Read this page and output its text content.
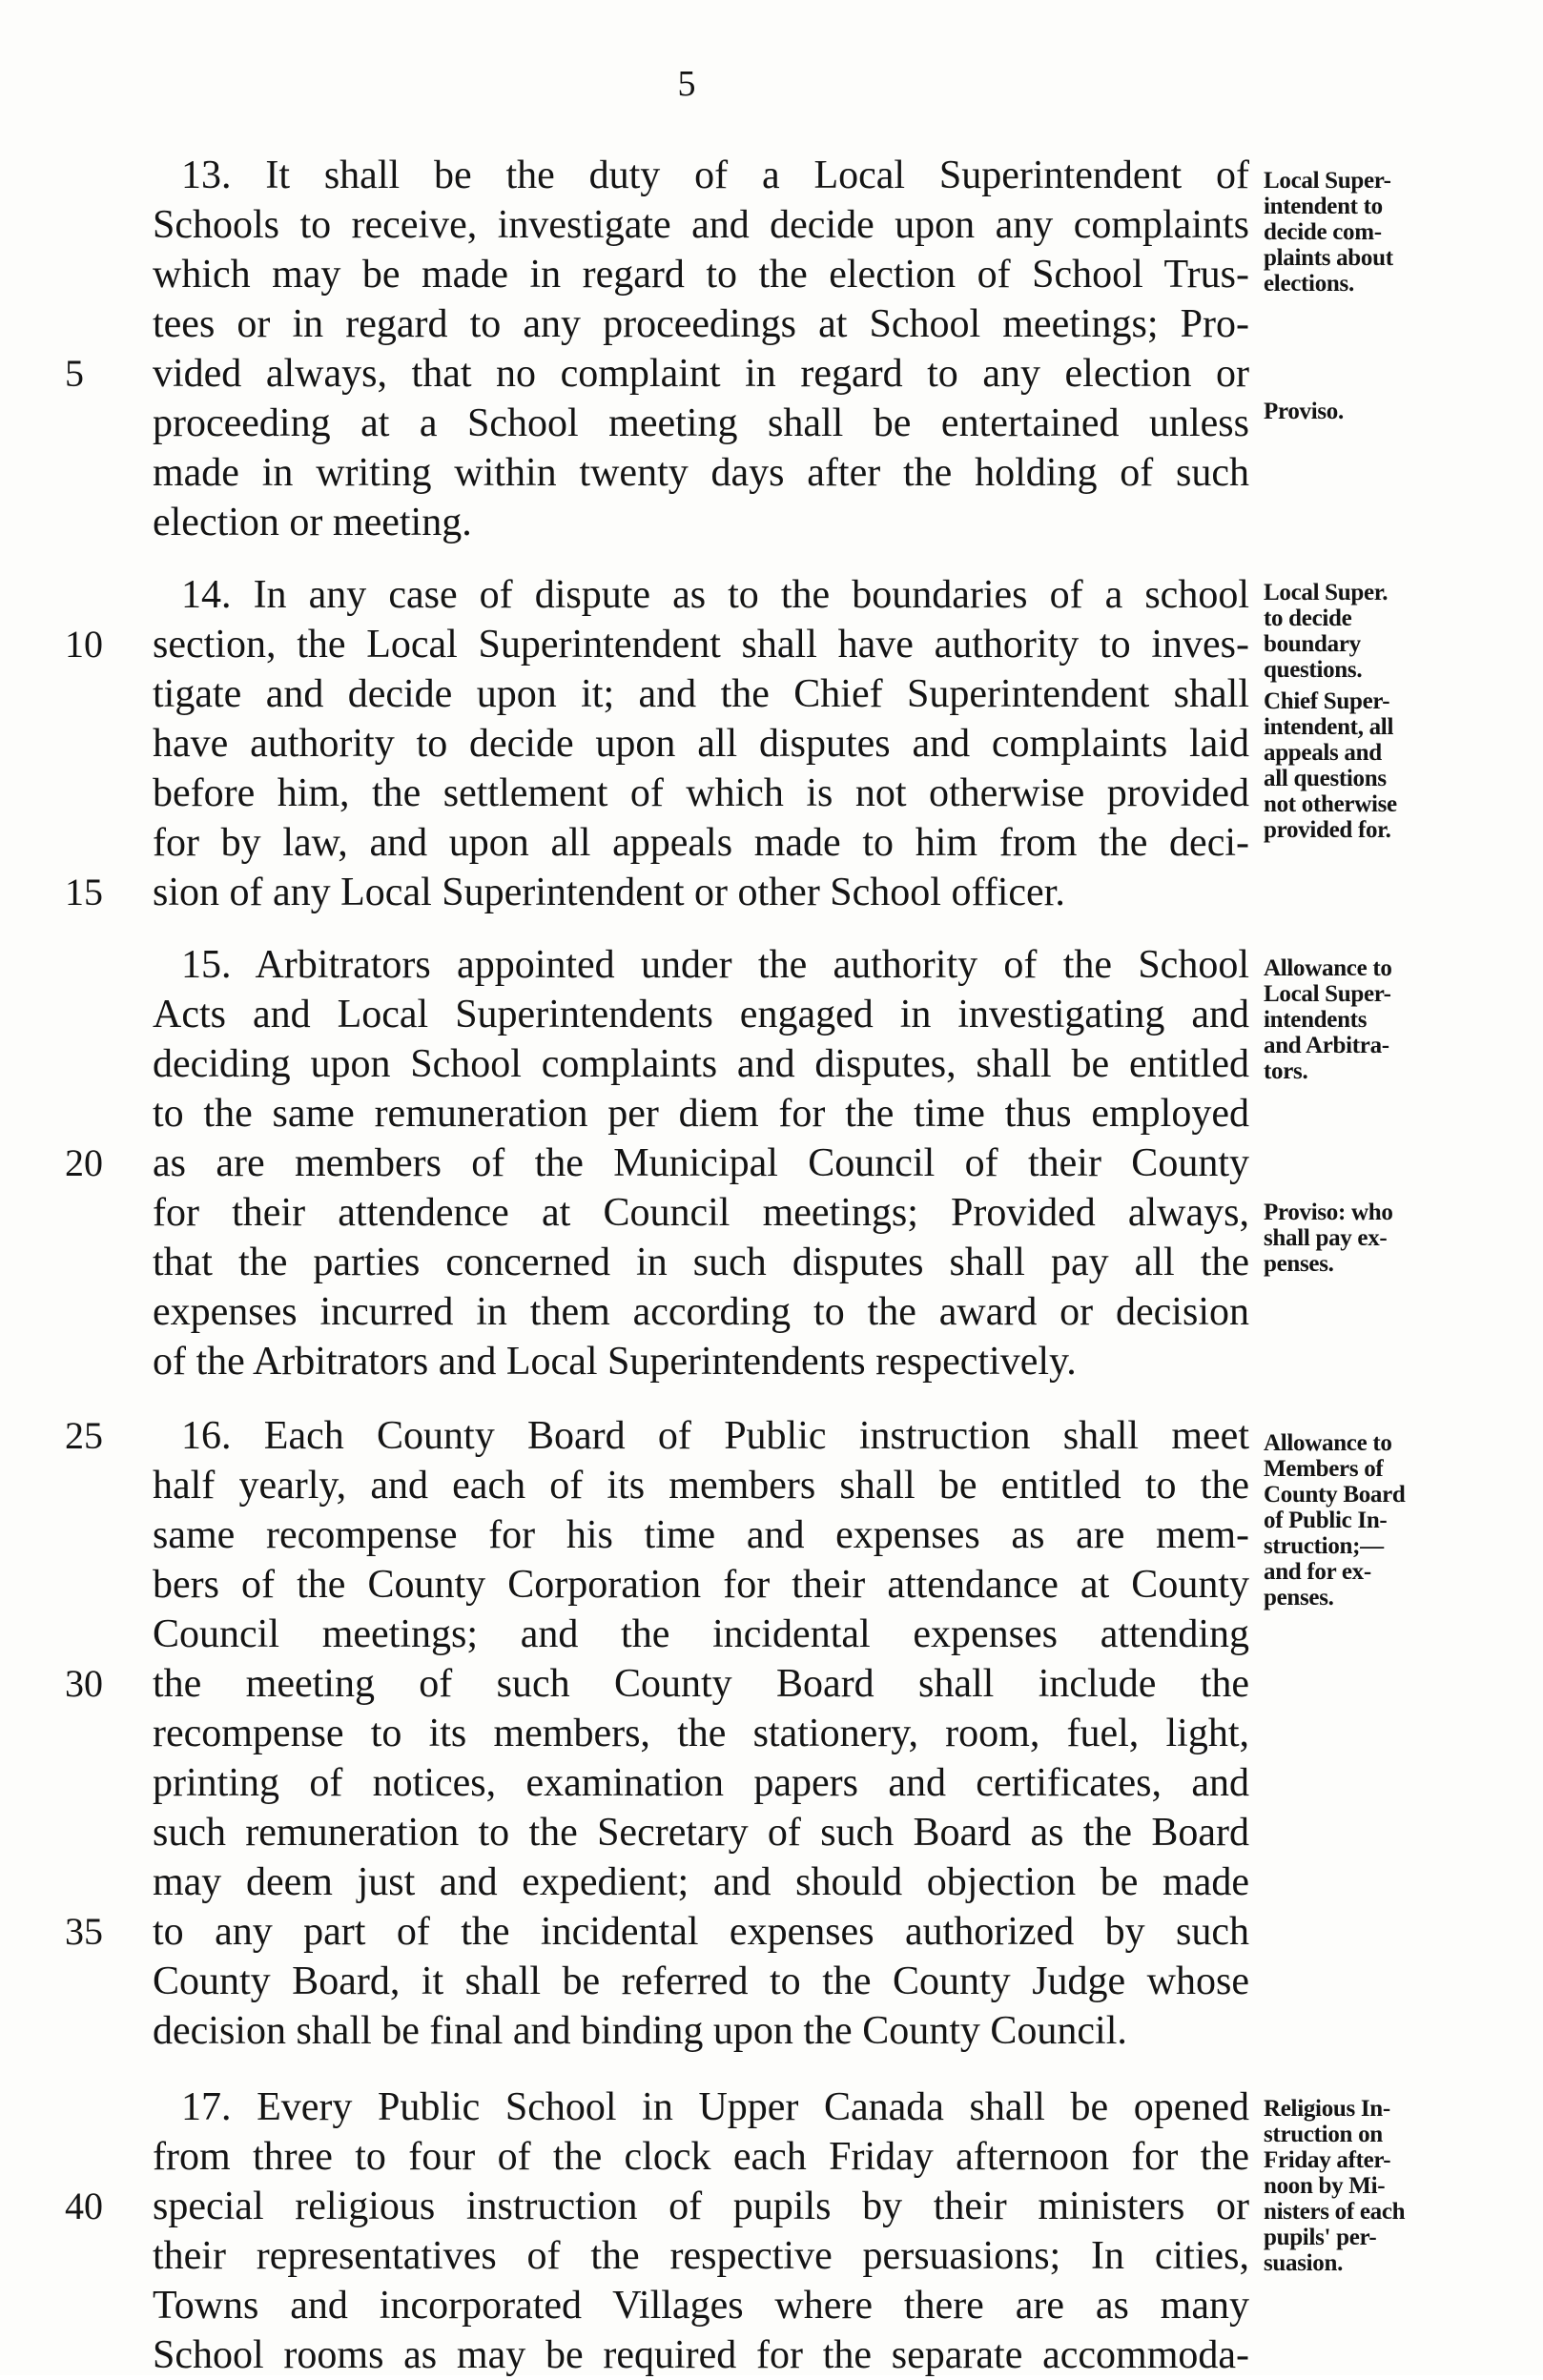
5
13. It shall be the duty of a Local Superintendent of
Schools to receive, investigate and decide upon any complaints
which may be made in regard to the election of School Trus-
tees or in regard to any proceedings at School meetings; Pro-
vided always, that no complaint in regard to any election or
proceeding at a School meeting shall be entertained unless
made in writing within twenty days after the holding of such
election or meeting.
5
Local Super-
intendent to
decide com-
plaints about
elections.
Proviso.
14. In any case of dispute as to the boundaries of a school
section, the Local Superintendent shall have authority to inves-
tigate and decide upon it; and the Chief Superintendent shall
have authority to decide upon all disputes and complaints laid
before him, the settlement of which is not otherwise provided
for by law, and upon all appeals made to him from the deci-
sion of any Local Superintendent or other School officer.
10
15
Local Super.
to decide
boundary
questions.
Chief Super-
intendent, all
appeals and
all questions
not otherwise
provided for.
15. Arbitrators appointed under the authority of the School
Acts and Local Superintendents engaged in investigating and
deciding upon School complaints and disputes, shall be entitled
to the same remuneration per diem for the time thus employed
as are members of the Municipal Council of their County
for their attendence at Council meetings; Provided always,
that the parties concerned in such disputes shall pay all the
expenses incurred in them according to the award or decision
of the Arbitrators and Local Superintendents respectively.
20
Allowance to
Local Super-
intendents
and Arbitra-
tors.
Proviso: who
shall pay ex-
penses.
16. Each County Board of Public instruction shall meet
half yearly, and each of its members shall be entitled to the
same recompense for his time and expenses as are mem-
bers of the County Corporation for their attendance at County
Council meetings; and the incidental expenses attending
the meeting of such County Board shall include the
recompense to its members, the stationery, room, fuel, light,
printing of notices, examination papers and certificates, and
such remuneration to the Secretary of such Board as the Board
may deem just and expedient; and should objection be made
to any part of the incidental expenses authorized by such
County Board, it shall be referred to the County Judge whose
decision shall be final and binding upon the County Council.
25
30
35
Allowance to
Members of
County Board
of Public In-
struction;—
and for ex-
penses.
17. Every Public School in Upper Canada shall be opened
from three to four of the clock each Friday afternoon for the
special religious instruction of pupils by their ministers or
their representatives of the respective persuasions; In cities,
Towns and incorporated Villages where there are as many
School rooms as may be required for the separate accommoda-
40
Religious In-
struction on
Friday after-
noon by Mi-
nisters of each
pupils' per-
suasion.
